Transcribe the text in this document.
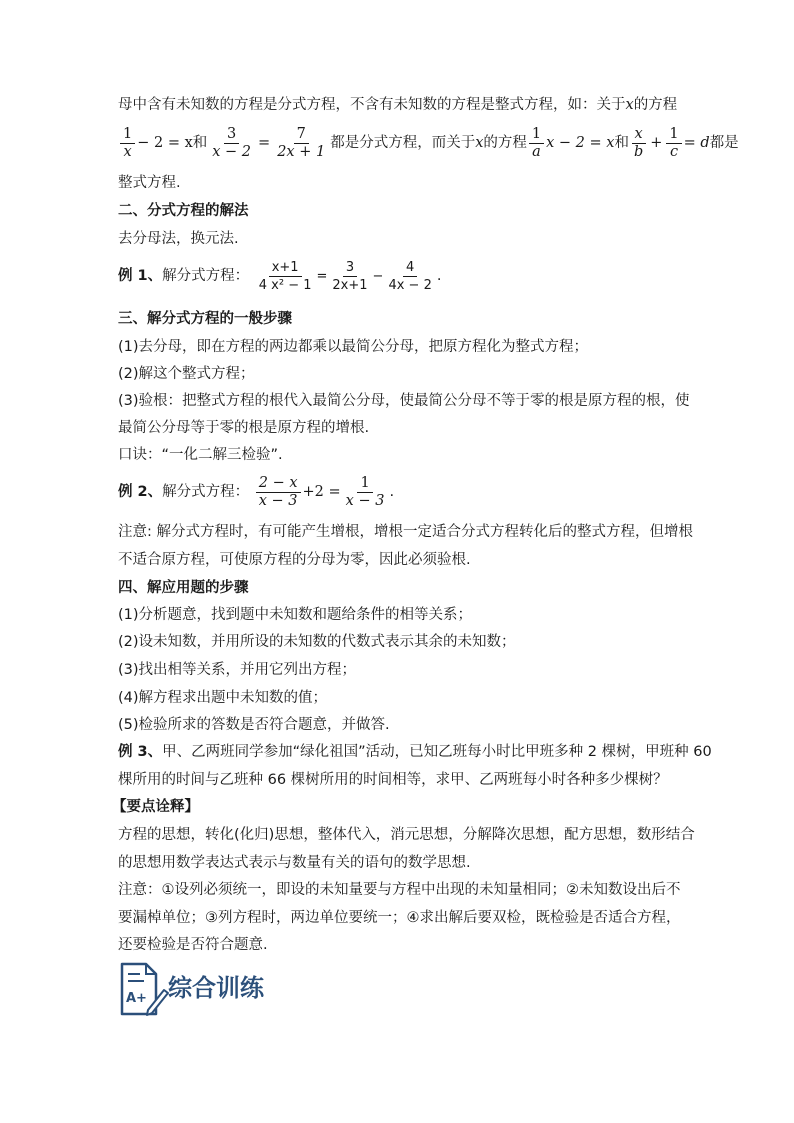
母中含有未知数的方程是分式方程，不含有未知数的方程是整式方程，如：关于x的方程
$\frac{1}{x} - 2 = x$和 $\frac{3}{x - 2} = \frac{7}{2x + 1}$ 都是分式方程，而关于x的方程 $\frac{1}{a}$ x − 2 = x和 $\frac{x}{b} + \frac{1}{c} = d$都是
整式方程.
二、分式方程的解法
去分母法，换元法.
例 1、解分式方程： $\frac{x+1}{\text{4 x² − 1}} = \frac{3}{2x+1} - \frac{4}{4x - 2}$ .
三、解分式方程的一般步骤
(1)去分母，即在方程的两边都乘以最简公分母，把原方程化为整式方程；
(2)解这个整式方程；
(3)验根：把整式方程的根代入最简公分母，使最简公分母不等于零的根是原方程的根，使
最简公分母等于零的根是原方程的增根.
口诀：“一化二解三检验”.
例 2、解分式方程： $\frac{2 - x}{x - 3} +2 = \frac{1}{x - 3}$ .
注意: 解分式方程时，有可能产生增根，增根一定适合分式方程转化后的整式方程，但增根
不适合原方程，可使原方程的分母为零，因此必须验根.
四、解应用题的步骤
(1)分析题意，找到题中未知数和题给条件的相等关系；
(2)设未知数，并用所设的未知数的代数式表示其余的未知数；
(3)找出相等关系，并用它列出方程；
(4)解方程求出题中未知数的值；
(5)检验所求的答数是否符合题意，并做答.
例 3、甲、乙两班同学参加“绿化祖国”活动，已知乙班每小时比甲班多种 2 棵树，甲班种 60
棵所用的时间与乙班种 66 棵树所用的时间相等，求甲、乙两班每小时各种多少棵树？
【要点诠释】
方程的思想，转化(化归)思想，整体代入，消元思想，分解降次思想，配方思想，数形结合
的思想用数学表达式表示与数量有关的语句的数学思想.
注意：①设列必须统一，即设的未知量要与方程中出现的未知量相同；②未知数设出后不
要漏棹单位；③列方程时，两边单位要统一；④求出解后要双检，既检验是否适合方程，
还要检验是否符合题意.
A+ 综合训练
